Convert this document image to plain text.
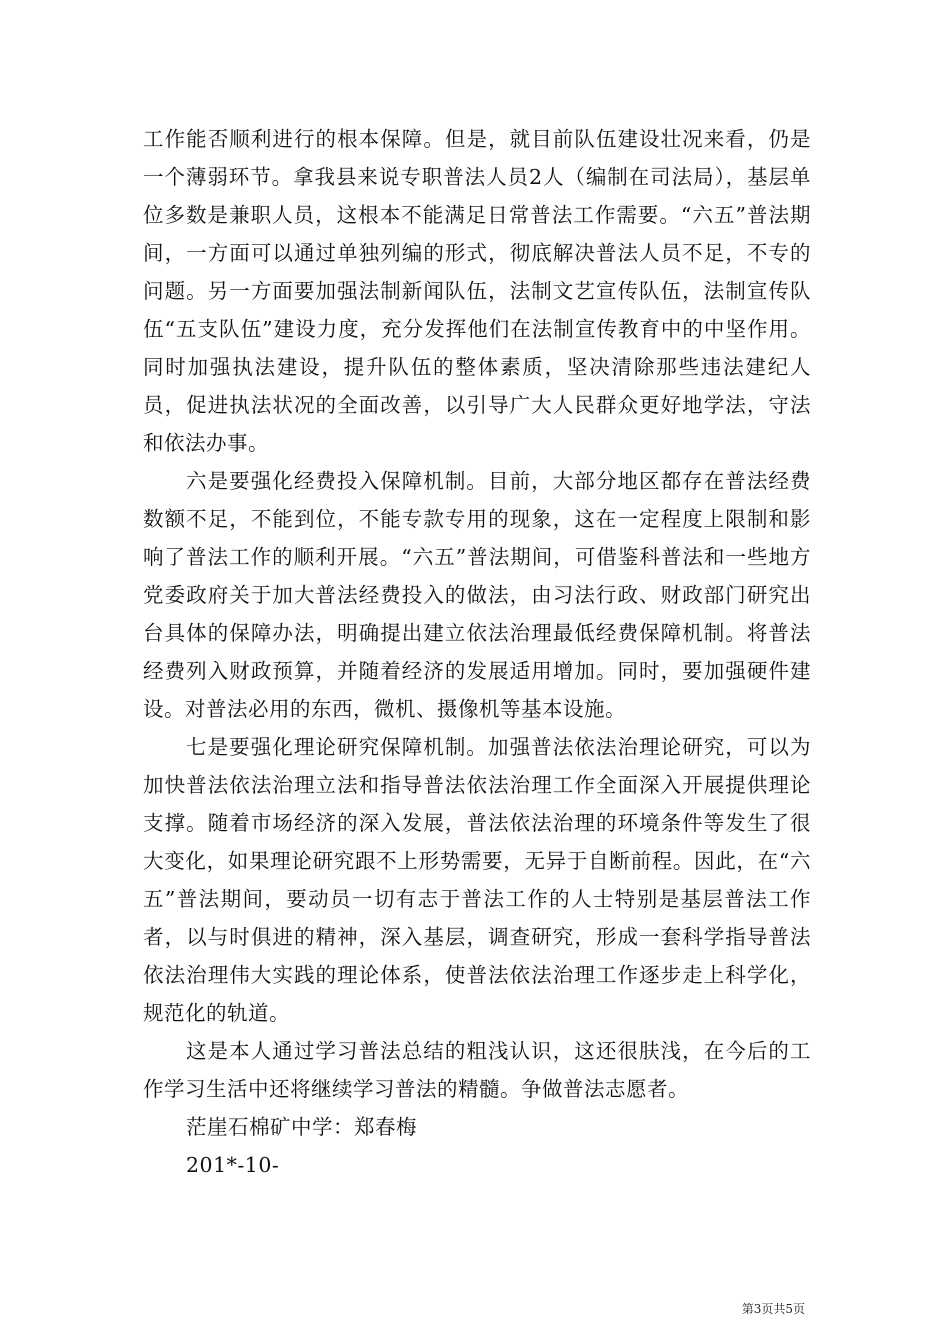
工作能否顺利进行的根本保障。但是，就目前队伍建设壮况来看，仍是一个薄弱环节。拿我县来说专职普法人员2人（编制在司法局），基层单位多数是兼职人员，这根本不能满足日常普法工作需要。“六五”普法期间，一方面可以通过单独列编的形式，彻底解决普法人员不足，不专的问题。另一方面要加强法制新闻队伍，法制文艺宣传队伍，法制宣传队伍“五支队伍”建设力度，充分发挥他们在法制宣传教育中的中坚作用。同时加强执法建设，提升队伍的整体素质，坚决清除那些违法建纪人员，促进执法状况的全面改善，以引导广大人民群众更好地学法，守法和依法办事。

六是要强化经费投入保障机制。目前，大部分地区都存在普法经费数额不足，不能到位，不能专款专用的现象，这在一定程度上限制和影响了普法工作的顺利开展。“六五”普法期间，可借鉴科普法和一些地方党委政府关于加大普法经费投入的做法，由习法行政、财政部门研究出台具体的保障办法，明确提出建立依法治理最低经费保障机制。将普法经费列入财政预算，并随着经济的发展适用增加。同时，要加强硬件建设。对普法必用的东西，微机、摄像机等基本设施。

七是要强化理论研究保障机制。加强普法依法治理论研究，可以为加快普法依法治理立法和指导普法依法治理工作全面深入开展提供理论支撑。随着市场经济的深入发展，普法依法治理的环境条件等发生了很大变化，如果理论研究跟不上形势需要，无异于自断前程。因此，在“六五”普法期间，要动员一切有志于普法工作的人士特别是基层普法工作者，以与时俱进的精神，深入基层，调查研究，形成一套科学指导普法依法治理伟大实践的理论体系，使普法依法治理工作逐步走上科学化，规范化的轨道。

这是本人通过学习普法总结的粗浅认识，这还很肤浅，在今后的工作学习生活中还将继续学习普法的精髓。争做普法志愿者。

茫崖石棉矿中学：郑春梅

201*-10-

第3页共5页
